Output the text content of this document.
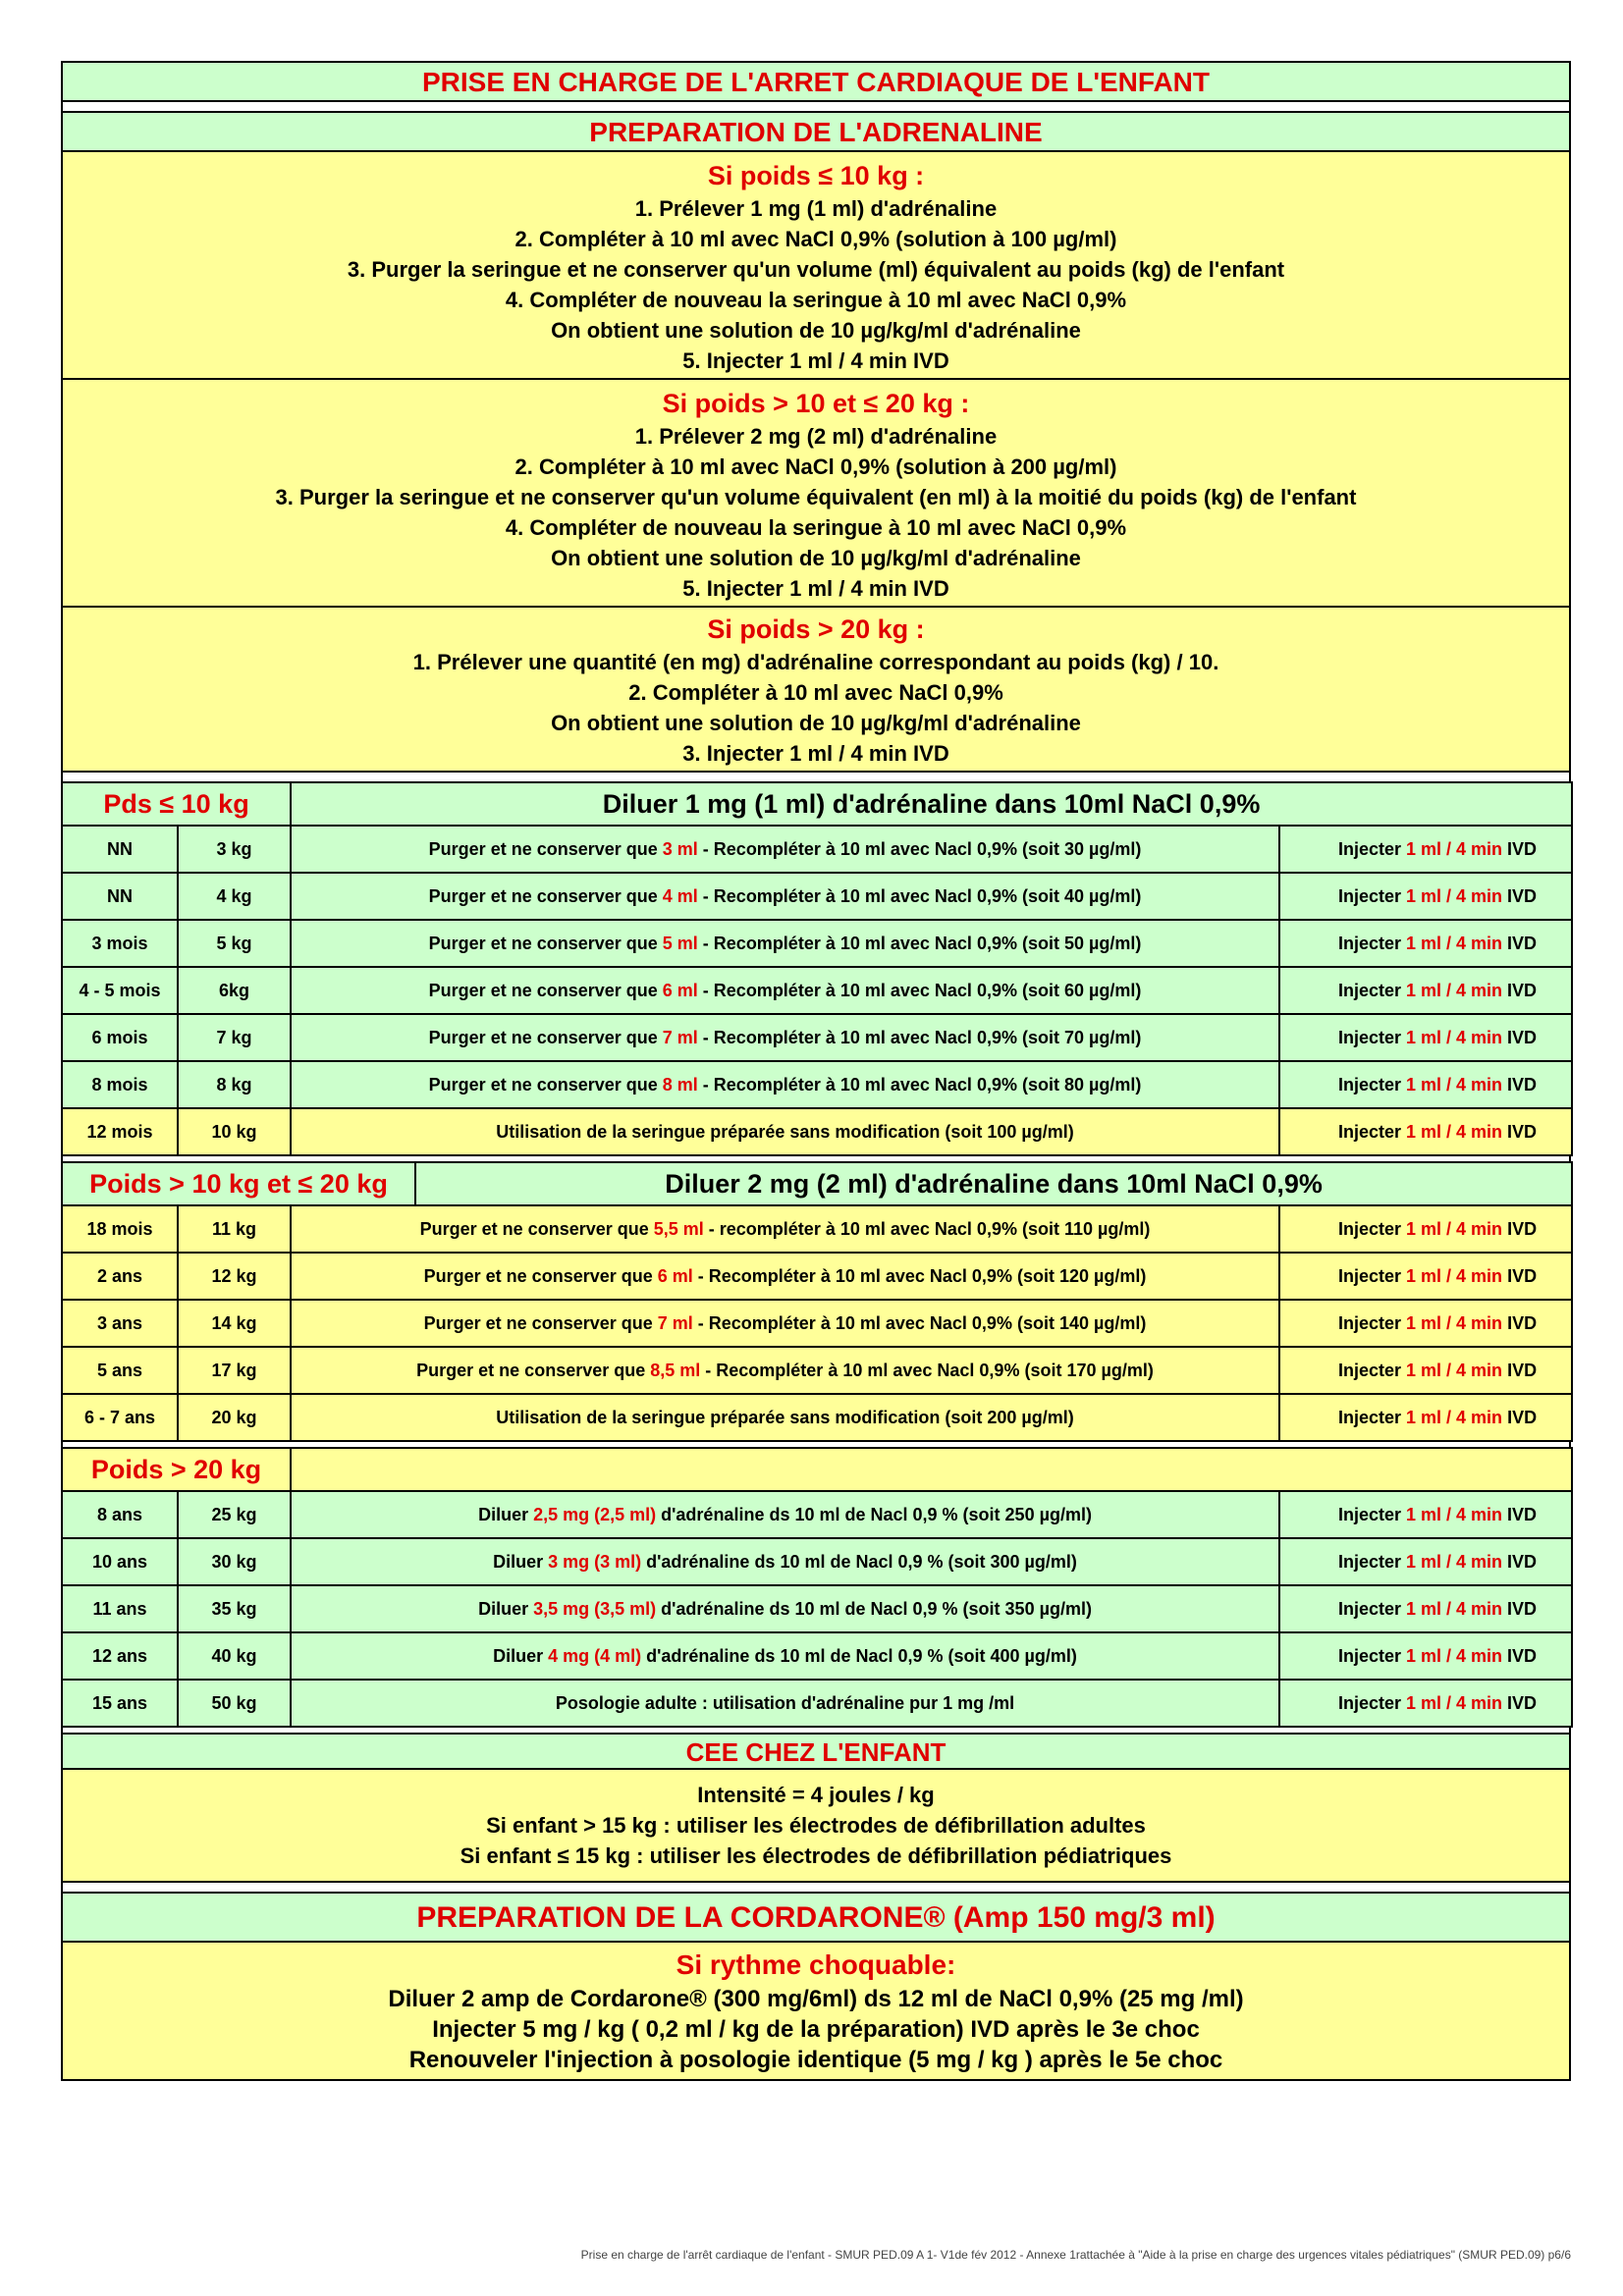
PRISE EN CHARGE DE L'ARRET CARDIAQUE DE L'ENFANT
PREPARATION DE L'ADRENALINE
Si poids ≤ 10 kg :
1. Prélever 1 mg (1 ml) d'adrénaline
2. Compléter à 10 ml avec NaCl 0,9% (solution à 100 µg/ml)
3. Purger la seringue et ne conserver qu'un volume (ml) équivalent au poids (kg) de l'enfant
4. Compléter de nouveau la seringue à 10 ml avec NaCl 0,9%
On obtient une solution de 10 µg/kg/ml d'adrénaline
5. Injecter 1 ml / 4 min IVD
Si poids > 10 et ≤ 20 kg :
1. Prélever 2 mg (2 ml) d'adrénaline
2. Compléter à 10 ml avec NaCl 0,9% (solution à 200 µg/ml)
3. Purger la seringue et ne conserver qu'un volume équivalent (en ml) à la moitié du poids (kg) de l'enfant
4. Compléter de nouveau la seringue à 10 ml avec NaCl 0,9%
On obtient une solution de 10 µg/kg/ml d'adrénaline
5. Injecter 1 ml / 4 min IVD
Si poids > 20 kg :
1. Prélever une quantité (en mg) d'adrénaline correspondant au poids (kg) / 10.
2. Compléter à 10 ml avec NaCl 0,9%
On obtient une solution de 10 µg/kg/ml d'adrénaline
3. Injecter 1 ml / 4 min IVD
Pds ≤ 10 kg		Diluer 1 mg (1 ml) d'adrénaline dans 10ml NaCl 0,9%	
NN	3 kg	Purger et ne conserver que 3 ml - Recompléter à 10 ml avec Nacl 0,9% (soit 30 µg/ml)	Injecter 1 ml / 4 min IVD
NN	4 kg	Purger et ne conserver que 4 ml - Recompléter à 10 ml avec Nacl 0,9% (soit 40 µg/ml)	Injecter 1 ml / 4 min IVD
3 mois	5 kg	Purger et ne conserver que 5 ml - Recompléter à 10 ml avec Nacl 0,9% (soit 50 µg/ml)	Injecter 1 ml / 4 min IVD
4 - 5 mois	6kg	Purger et ne conserver que 6 ml - Recompléter à 10 ml avec Nacl 0,9% (soit 60 µg/ml)	Injecter 1 ml / 4 min IVD
6 mois	7 kg	Purger et ne conserver que 7 ml - Recompléter à 10 ml avec Nacl 0,9% (soit 70 µg/ml)	Injecter 1 ml / 4 min IVD
8 mois	8 kg	Purger et ne conserver que 8 ml - Recompléter à 10 ml avec Nacl 0,9% (soit 80 µg/ml)	Injecter 1 ml / 4 min IVD
12 mois	10 kg	Utilisation de la seringue préparée sans modification (soit 100 µg/ml)	Injecter 1 ml / 4 min IVD
Poids > 10 kg et ≤ 20 kg			Diluer 2 mg (2 ml) d'adrénaline dans 10ml NaCl 0,9%	
18 mois	11 kg	Purger et ne conserver que 5,5 ml - recompléter à 10 ml avec Nacl 0,9% (soit 110 µg/ml)		Injecter 1 ml / 4 min IVD
2 ans	12 kg	Purger et ne conserver que 6 ml - Recompléter à 10 ml avec Nacl 0,9% (soit 120 µg/ml)		Injecter 1 ml / 4 min IVD
3 ans	14 kg	Purger et ne conserver que 7 ml - Recompléter à 10 ml avec Nacl 0,9% (soit 140 µg/ml)		Injecter 1 ml / 4 min IVD
5 ans	17 kg	Purger et ne conserver que 8,5 ml - Recompléter à 10 ml avec Nacl 0,9% (soit 170 µg/ml)		Injecter 1 ml / 4 min IVD
6 - 7 ans	20 kg	Utilisation de la seringue préparée sans modification (soit 200 µg/ml)		Injecter 1 ml / 4 min IVD
Poids > 20 kg			
8 ans	25 kg	Diluer 2,5 mg (2,5 ml) d'adrénaline ds 10 ml de Nacl 0,9 % (soit 250 µg/ml)	Injecter 1 ml / 4 min IVD
10 ans	30 kg	Diluer 3 mg (3 ml) d'adrénaline ds 10 ml de Nacl 0,9 % (soit 300 µg/ml)	Injecter 1 ml / 4 min IVD
11 ans	35 kg	Diluer 3,5 mg (3,5 ml) d'adrénaline ds 10 ml de Nacl 0,9 % (soit 350 µg/ml)	Injecter 1 ml / 4 min IVD
12 ans	40 kg	Diluer 4 mg (4 ml) d'adrénaline ds 10 ml de Nacl 0,9 % (soit 400 µg/ml)	Injecter 1 ml / 4 min IVD
15 ans	50 kg	Posologie adulte : utilisation d'adrénaline pur 1 mg /ml	Injecter 1 ml / 4 min IVD
CEE CHEZ L'ENFANT
Intensité = 4 joules / kg
Si enfant > 15 kg : utiliser les électrodes de défibrillation adultes
Si enfant ≤ 15 kg : utiliser les électrodes de défibrillation pédiatriques
PREPARATION DE LA CORDARONE® (Amp 150 mg/3 ml)
Si rythme choquable:
Diluer 2 amp de Cordarone® (300 mg/6ml) ds 12 ml de NaCl 0,9% (25 mg /ml)
Injecter 5 mg / kg ( 0,2 ml / kg de la préparation) IVD après le 3e choc
Renouveler l'injection à posologie identique (5 mg / kg ) après le 5e choc
Prise en charge de l'arrêt cardiaque de l'enfant - SMUR PED.09 A 1- V1de fév 2012 - Annexe 1rattachée à "Aide à la prise en charge des urgences vitales pédiatriques" (SMUR PED.09) p6/6
